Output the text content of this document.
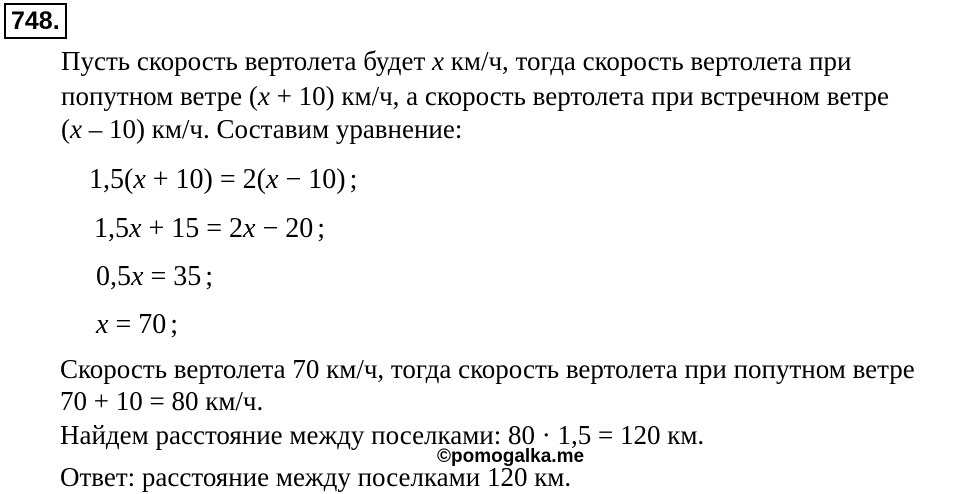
748.
Пусть скорость вертолета будет x км/ч, тогда скорость вертолета при
попутном ветре (x + 10) км/ч, а скорость вертолета при встречном ветре
(x – 10) км/ч. Составим уравнение:
1,5(x + 10) = 2(x − 10) ;
1,5x + 15 = 2x − 20 ;
0,5x = 35 ;
x = 70 ;
Скорость вертолета 70 км/ч, тогда скорость вертолета при попутном ветре
70 + 10 = 80 км/ч.
Найдем расстояние между поселками: 80 · 1,5 = 120 км.
©pomogalka.me
Ответ: расстояние между поселками 120 км.
